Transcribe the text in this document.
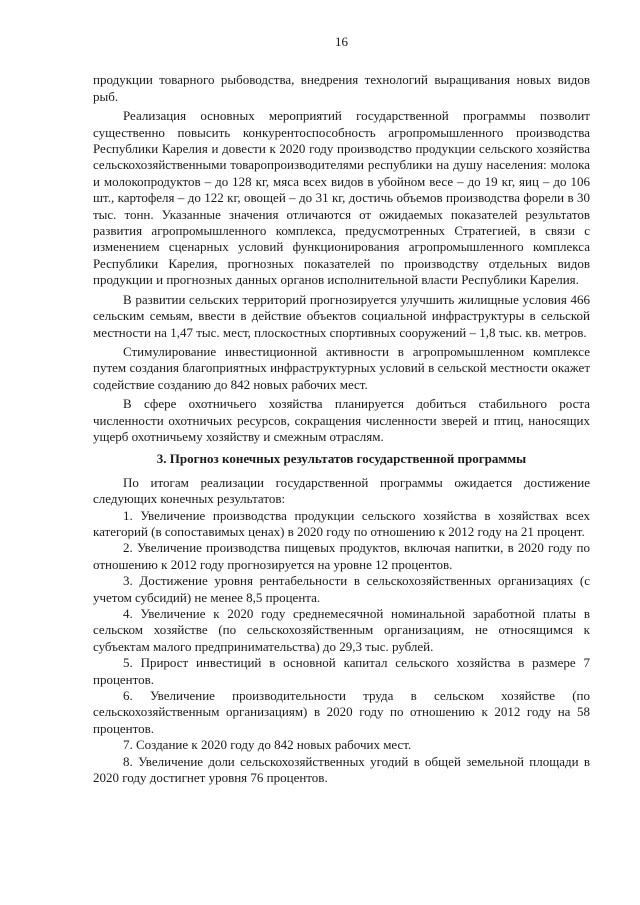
16

продукции товарного рыбоводства, внедрения технологий выращивания новых видов рыб.

Реализация основных мероприятий государственной программы позволит существенно повысить конкурентоспособность агропромышленного производства Республики Карелия и довести к 2020 году производство продукции сельского хозяйства сельскохозяйственными товаропроизводителями республики на душу населения: молока и молокопродуктов – до 128 кг, мяса всех видов в убойном весе – до 19 кг, яиц – до 106 шт., картофеля – до 122 кг, овощей – до 31 кг, достичь объемов производства форели в 30 тыс. тонн. Указанные значения отличаются от ожидаемых показателей результатов развития агропромышленного комплекса, предусмотренных Стратегией, в связи с изменением сценарных условий функционирования агропромышленного комплекса Республики Карелия, прогнозных показателей по производству отдельных видов продукции и прогнозных данных органов исполнительной власти Республики Карелия.

В развитии сельских территорий прогнозируется улучшить жилищные условия 466 сельским семьям, ввести в действие объектов социальной инфраструктуры в сельской местности на 1,47 тыс. мест, плоскостных спортивных сооружений – 1,8 тыс. кв. метров.

Стимулирование инвестиционной активности в агропромышленном комплексе путем создания благоприятных инфраструктурных условий в сельской местности окажет содействие созданию до 842 новых рабочих мест.

В сфере охотничьего хозяйства планируется добиться стабильного роста численности охотничьих ресурсов, сокращения численности зверей и птиц, наносящих ущерб охотничьему хозяйству и смежным отраслям.

3. Прогноз конечных результатов государственной программы

По итогам реализации государственной программы ожидается достижение следующих конечных результатов:

1. Увеличение производства продукции сельского хозяйства в хозяйствах всех категорий (в сопоставимых ценах) в 2020 году по отношению к 2012 году на 21 процент.

2. Увеличение производства пищевых продуктов, включая напитки, в 2020 году по отношению к 2012 году прогнозируется на уровне 12 процентов.

3. Достижение уровня рентабельности в сельскохозяйственных организациях (с учетом субсидий) не менее 8,5 процента.

4. Увеличение к 2020 году среднемесячной номинальной заработной платы в сельском хозяйстве (по сельскохозяйственным организациям, не относящимся к субъектам малого предпринимательства) до 29,3 тыс. рублей.

5. Прирост инвестиций в основной капитал сельского хозяйства в размере 7 процентов.

6. Увеличение производительности труда в сельском хозяйстве (по сельскохозяйственным организациям) в 2020 году по отношению к 2012 году на 58 процентов.

7. Создание к 2020 году до 842 новых рабочих мест.

8. Увеличение доли сельскохозяйственных угодий в общей земельной площади в 2020 году достигнет уровня 76 процентов.
